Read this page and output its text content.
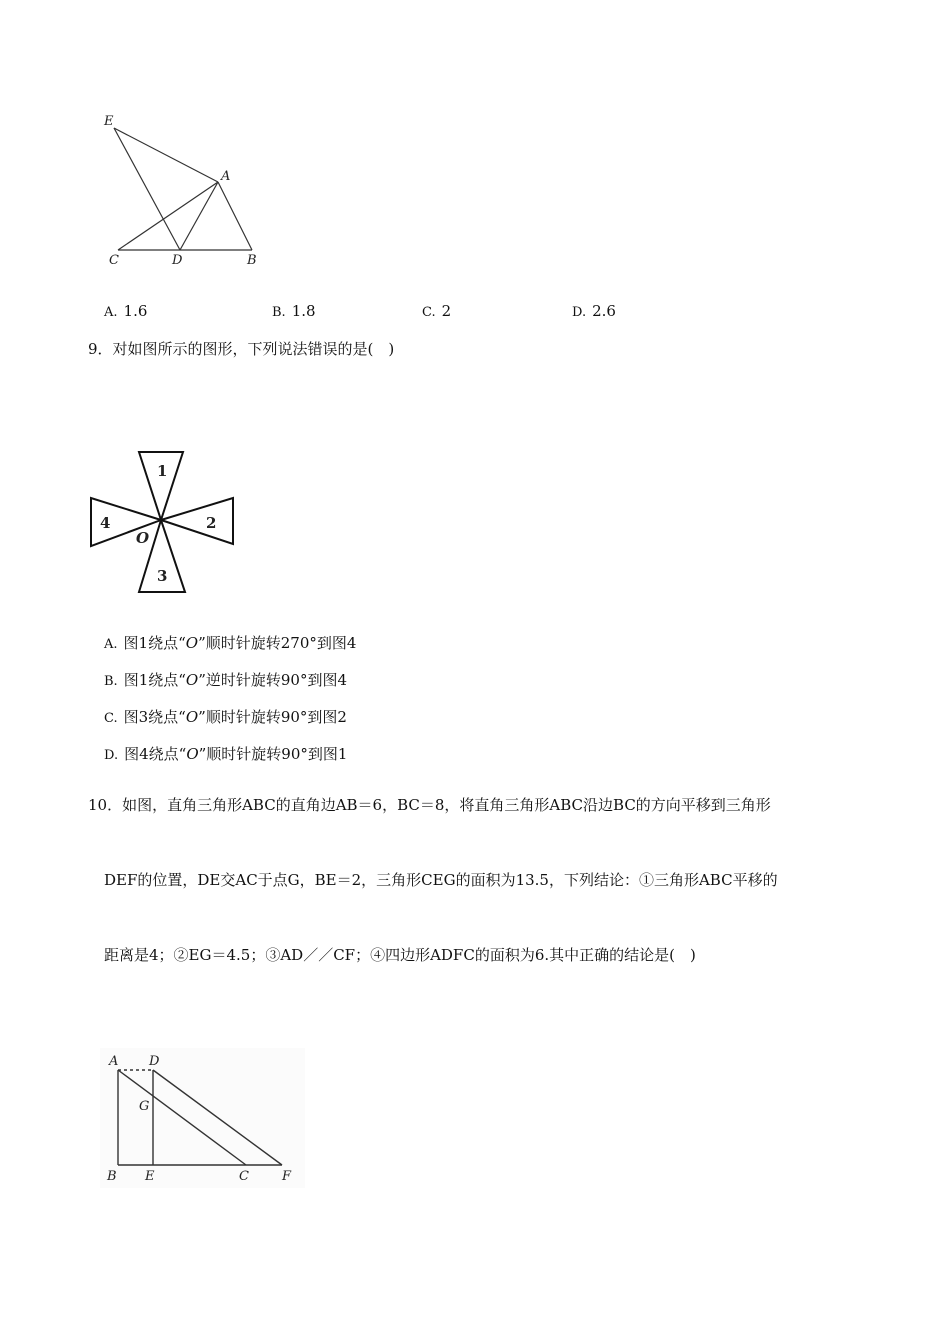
E
A
C	D	B
A. 1.6	B. 1.8	C. 2	D. 2.6
9．对如图所示的图形，下列说法错误的是(　)
1
2
3
4
O
A. 图1绕点“O”顺时针旋转270°到图4
B. 图1绕点“O”逆时针旋转90°到图4
C. 图3绕点“O”顺时针旋转90°到图2
D. 图4绕点“O”顺时针旋转90°到图1
10．如图，直角三角形ABC的直角边AB＝6，BC＝8，将直角三角形ABC沿边BC的方向平移到三角形
DEF的位置，DE交AC于点G，BE＝2，三角形CEG的面积为13.5，下列结论：①三角形ABC平移的
距离是4；②EG＝4.5；③AD／／CF；④四边形ADFC的面积为6.其中正确的结论是(　)
A D
G
B E	C	F
